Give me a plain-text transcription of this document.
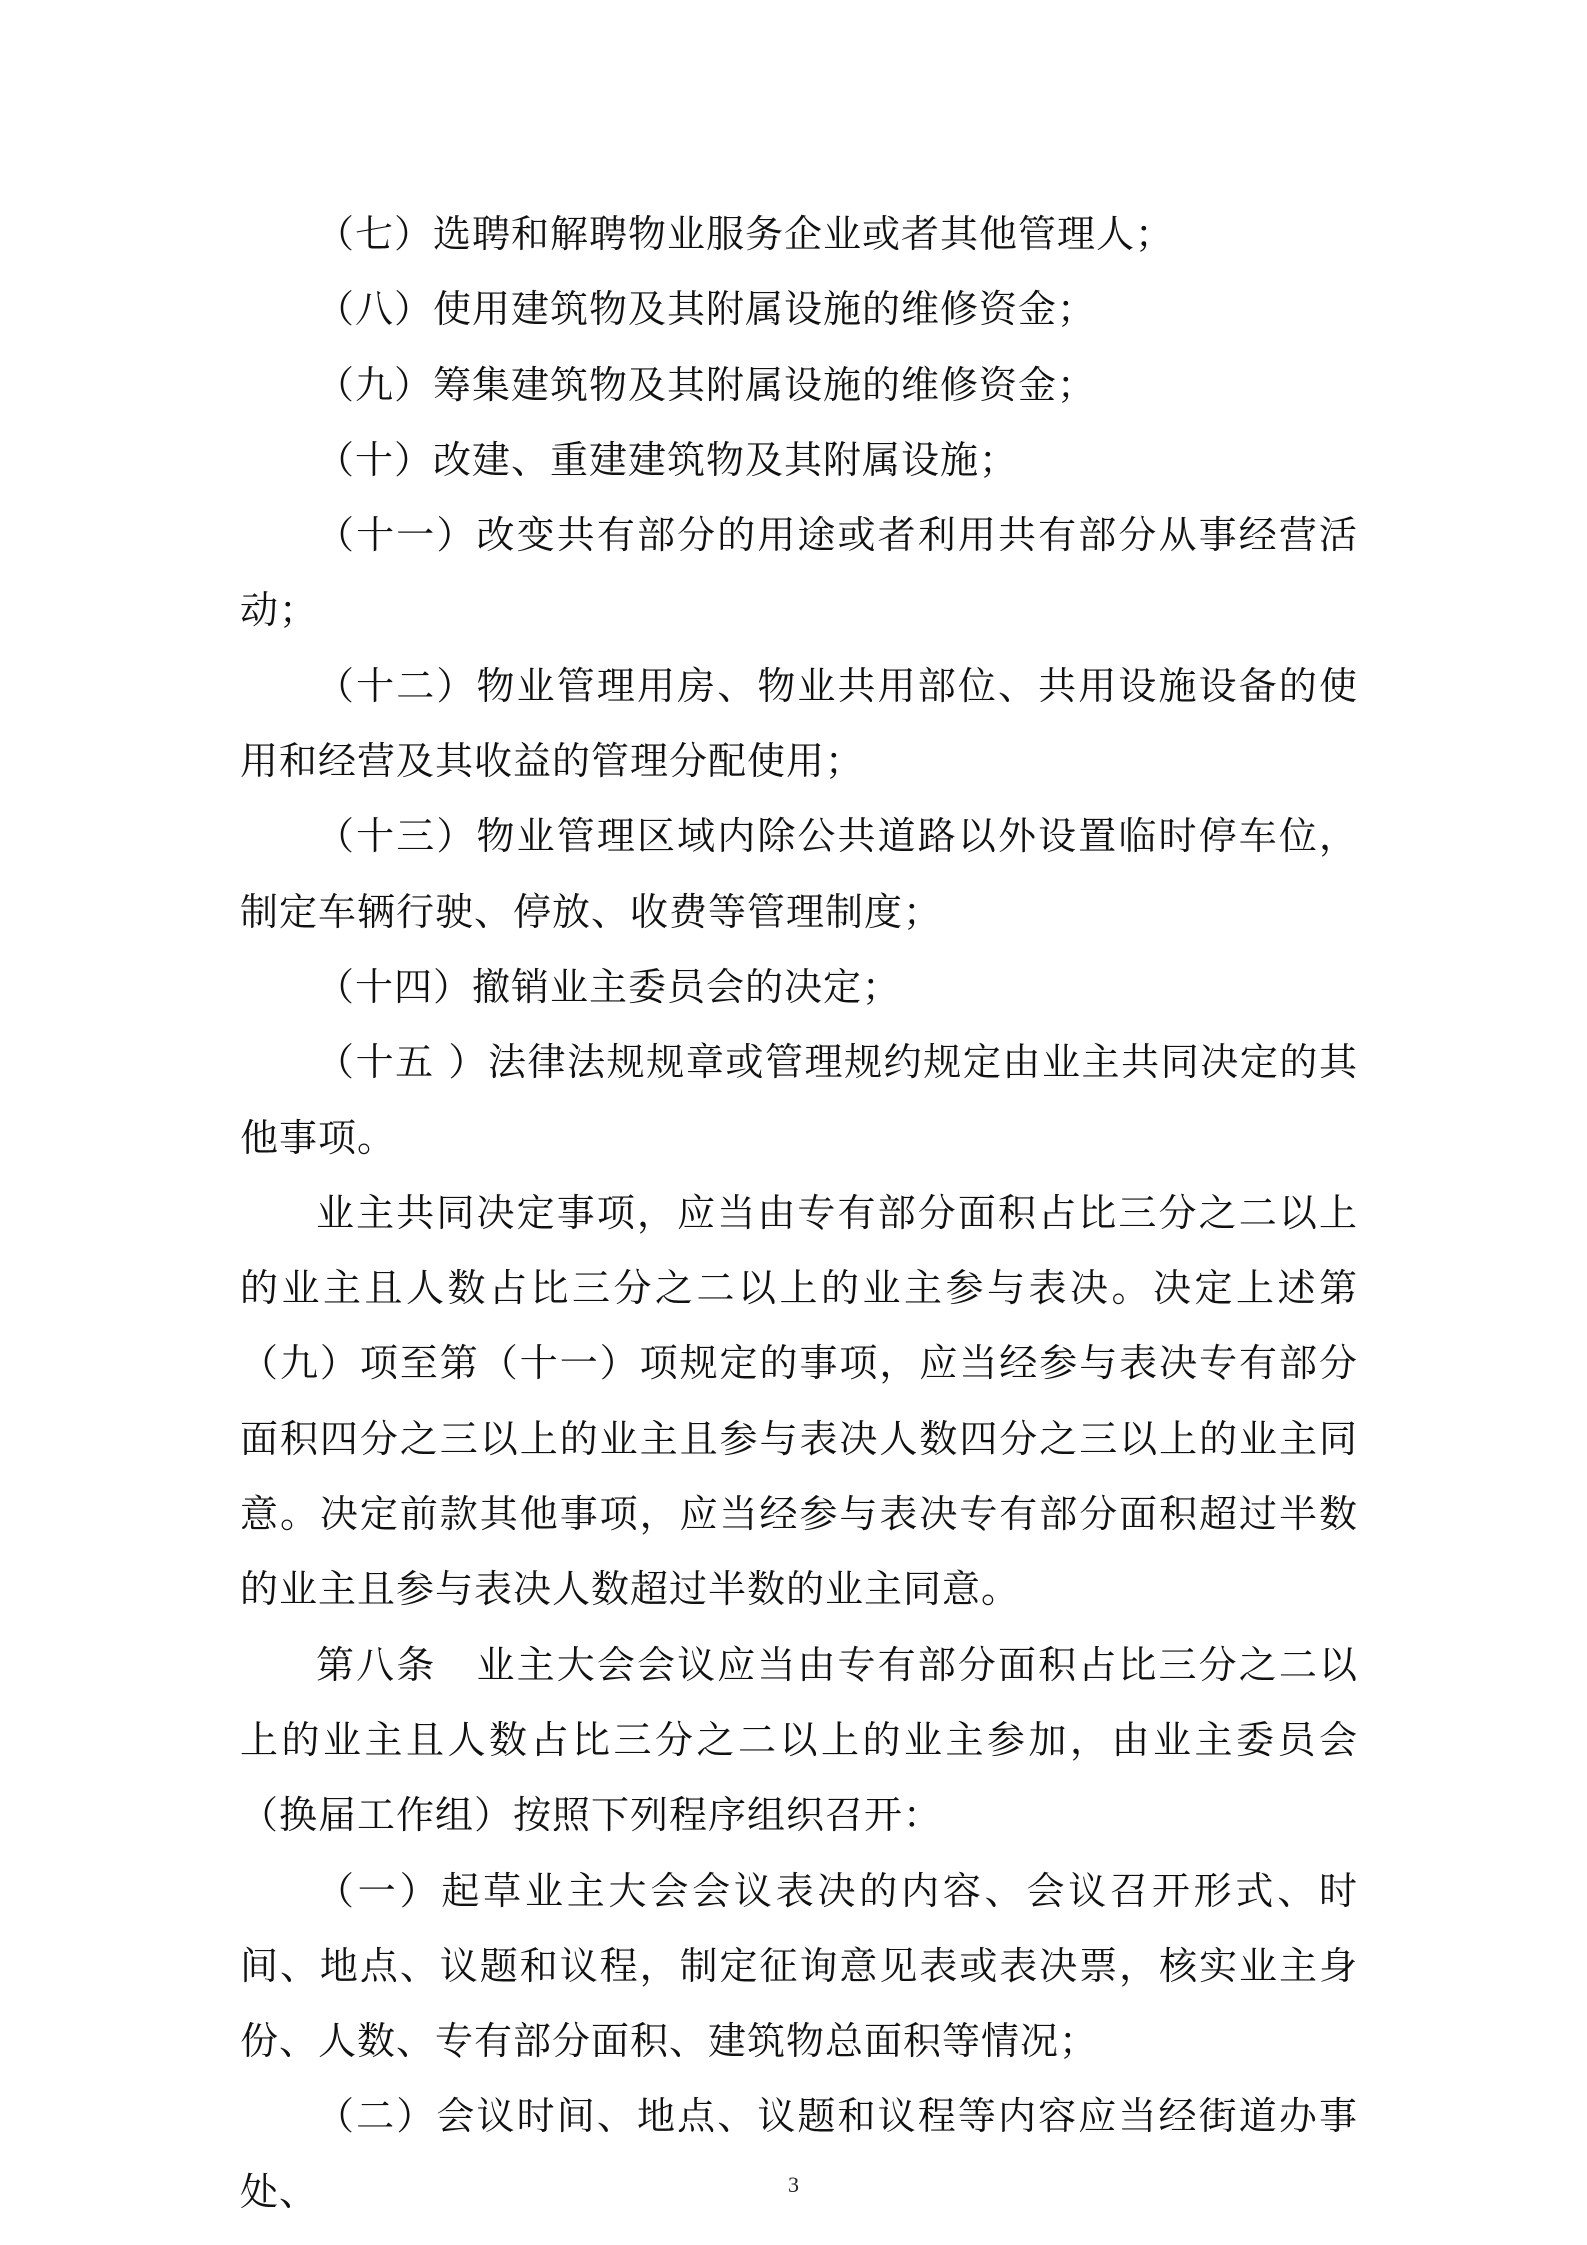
（七）选聘和解聘物业服务企业或者其他管理人；

（八）使用建筑物及其附属设施的维修资金；

（九）筹集建筑物及其附属设施的维修资金；

（十）改建、重建建筑物及其附属设施；

（十一）改变共有部分的用途或者利用共有部分从事经营活动；

（十二）物业管理用房、物业共用部位、共用设施设备的使用和经营及其收益的管理分配使用；

（十三）物业管理区域内除公共道路以外设置临时停车位，制定车辆行驶、停放、收费等管理制度；

（十四）撤销业主委员会的决定；

（十五 ）法律法规规章或管理规约规定由业主共同决定的其他事项。

业主共同决定事项，应当由专有部分面积占比三分之二以上的业主且人数占比三分之二以上的业主参与表决。决定上述第（九）项至第（十一）项规定的事项，应当经参与表决专有部分面积四分之三以上的业主且参与表决人数四分之三以上的业主同意。决定前款其他事项，应当经参与表决专有部分面积超过半数的业主且参与表决人数超过半数的业主同意。

第八条　业主大会会议应当由专有部分面积占比三分之二以上的业主且人数占比三分之二以上的业主参加，由业主委员会（换届工作组）按照下列程序组织召开：

（一）起草业主大会会议表决的内容、会议召开形式、时间、地点、议题和议程，制定征询意见表或表决票，核实业主身份、人数、专有部分面积、建筑物总面积等情况；

（二）会议时间、地点、议题和议程等内容应当经街道办事处、	3
